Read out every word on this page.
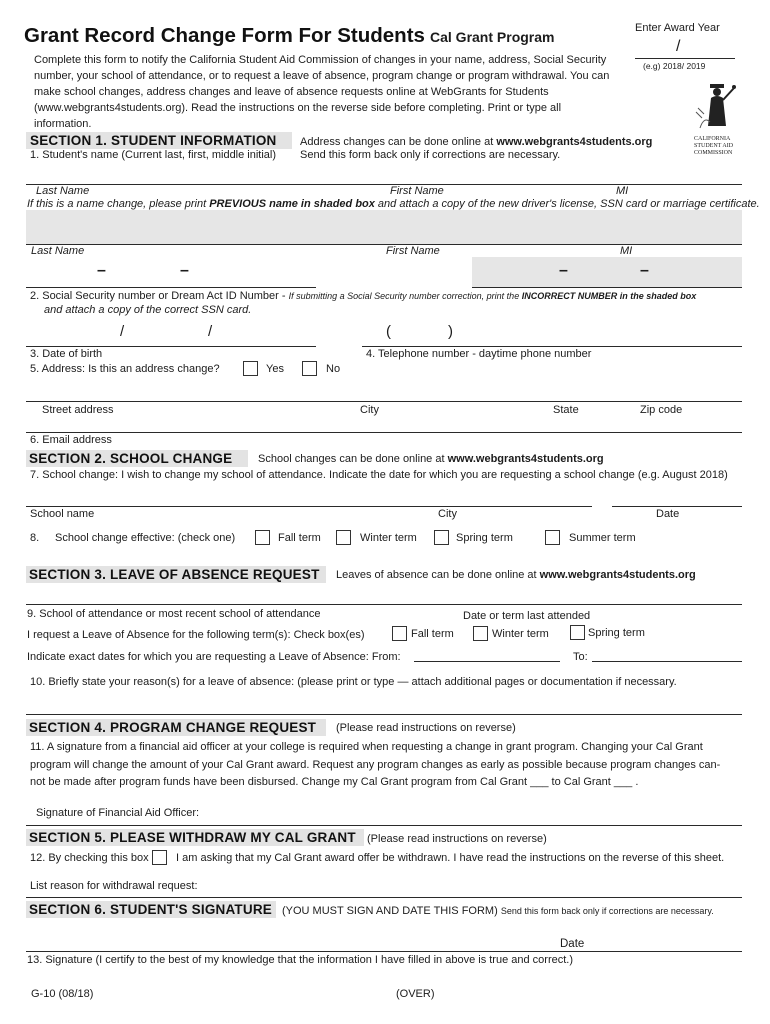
Grant Record Change Form For Students Cal Grant Program
Enter Award Year
/
(e.g) 2018/ 2019
Complete this form to notify the California Student Aid Commission of changes in your name, address, Social Security number, your school of attendance, or to request a leave of absence, program change or program withdrawal. You can make school changes, address changes and leave of absence requests online at WebGrants for Students (www.webgrants4students.org). Read the instructions on the reverse side before completing. Print or type all information.
CALIFORNIA
STUDENT AID
COMMISSION
SECTION 1. STUDENT INFORMATION Address changes can be done online at www.webgrants4students.org
Send this form back only if corrections are necessary.
1. Student's name (Current last, first, middle initial)
Last Name	First Name	MI
If this is a name change, please print PREVIOUS name in shaded box and attach a copy of the new driver's license, SSN card or marriage certificate.
Last Name	First Name	MI
–	–	–	–
2. Social Security number or Dream Act ID Number - If submitting a Social Security number correction, print the INCORRECT NUMBER in the shaded box
and attach a copy of the correct SSN card.
/	/	(	)
3. Date of birth	4. Telephone number - daytime phone number
5. Address: Is this an address change?	Yes	No
Street address	City	State	Zip code
6. Email address
SECTION 2. SCHOOL CHANGE School changes can be done online at www.webgrants4students.org
7. School change: I wish to change my school of attendance. Indicate the date for which you are requesting a school change (e.g. August 2018)
School name	City	Date
8. School change effective: (check one)	Fall term	Winter term	Spring term	Summer term
SECTION 3. LEAVE OF ABSENCE REQUEST Leaves of absence can be done online at www.webgrants4students.org
9. School of attendance or most recent school of attendance	Date or term last attended
I request a Leave of Absence for the following term(s): Check box(es)	Fall term	Winter term	Spring term
Indicate exact dates for which you are requesting a Leave of Absence: From:	To:
10. Briefly state your reason(s) for a leave of absence: (please print or type — attach additional pages or documentation if necessary.
SECTION 4. PROGRAM CHANGE REQUEST (Please read instructions on reverse)
11. A signature from a financial aid officer at your college is required when requesting a change in grant program. Changing your Cal Grant
program will change the amount of your Cal Grant award. Request any program changes as early as possible because program changes can-
not be made after program funds have been disbursed. Change my Cal Grant program from Cal Grant ___ to Cal Grant ___ .
Signature of Financial Aid Officer:
SECTION 5. PLEASE WITHDRAW MY CAL GRANT (Please read instructions on reverse)
12. By checking this box I am asking that my Cal Grant award offer be withdrawn. I have read the instructions on the reverse of this sheet.
List reason for withdrawal request:
SECTION 6. STUDENT'S SIGNATURE (YOU MUST SIGN AND DATE THIS FORM) Send this form back only if corrections are necessary.
Date
13. Signature (I certify to the best of my knowledge that the information I have filled in above is true and correct.)
G-10 (08/18)	(OVER)
